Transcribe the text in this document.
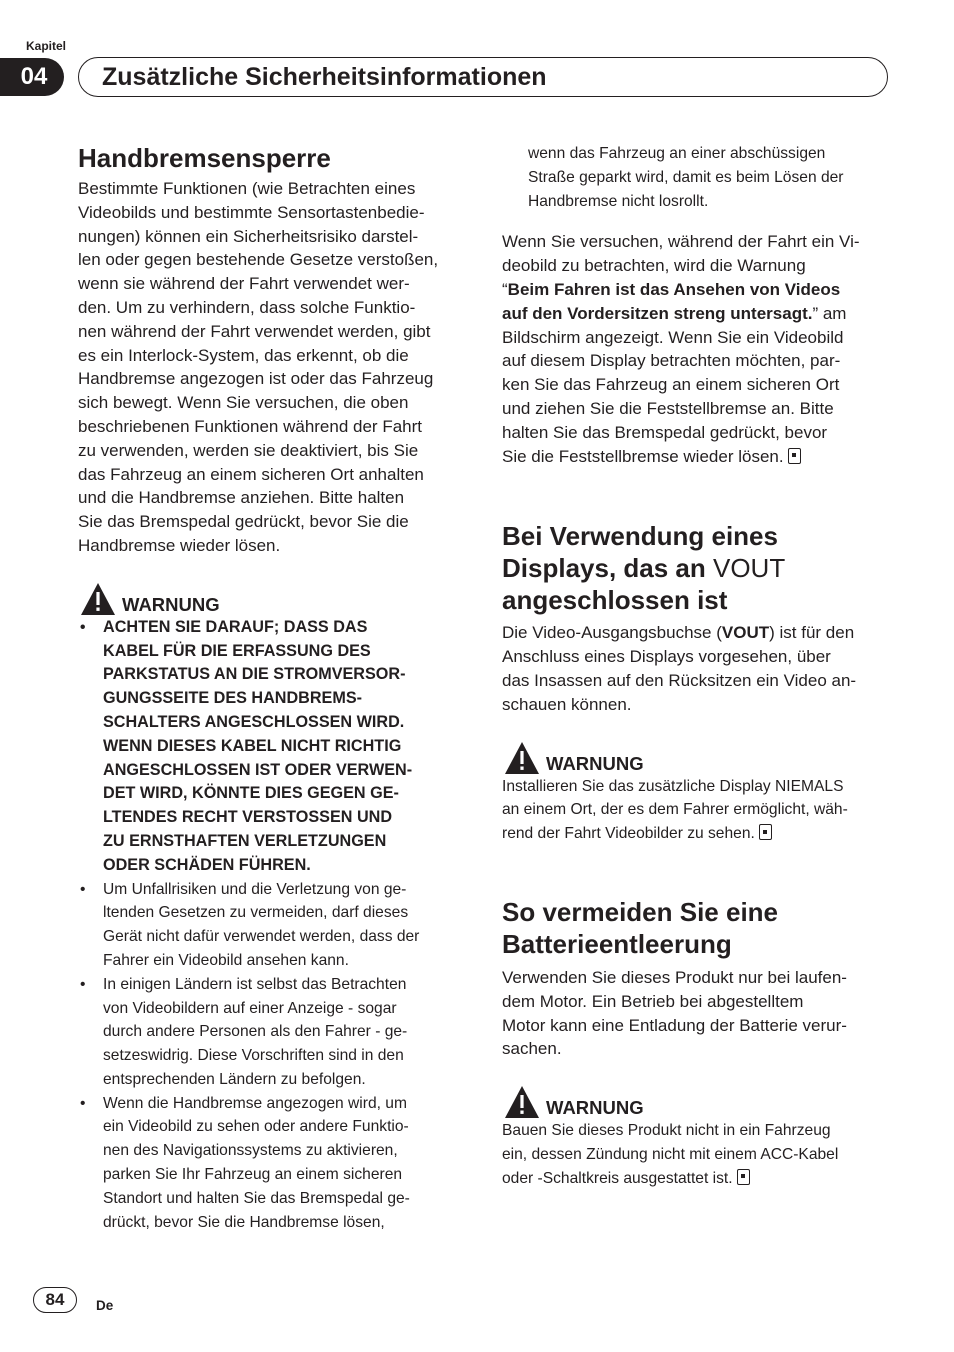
Kapitel
04	Zusätzliche Sicherheitsinformationen
Handbremsensperre

Bestimmte Funktionen (wie Betrachten eines
Videobilds und bestimmte Sensortastenbedie-
nungen) können ein Sicherheitsrisiko darstel-
len oder gegen bestehende Gesetze verstoßen,
wenn sie während der Fahrt verwendet wer-
den. Um zu verhindern, dass solche Funktio-
nen während der Fahrt verwendet werden, gibt
es ein Interlock-System, das erkennt, ob die
Handbremse angezogen ist oder das Fahrzeug
sich bewegt. Wenn Sie versuchen, die oben
beschriebenen Funktionen während der Fahrt
zu verwenden, werden sie deaktiviert, bis Sie
das Fahrzeug an einem sicheren Ort anhalten
und die Handbremse anziehen. Bitte halten
Sie das Bremspedal gedrückt, bevor Sie die
Handbremse wieder lösen.

WARNUNG
• ACHTEN SIE DARAUF; DASS DAS
KABEL FÜR DIE ERFASSUNG DES
PARKSTATUS AN DIE STROMVERSOR-
GUNGSSEITE DES HANDBREMS-
SCHALTERS ANGESCHLOSSEN WIRD.
WENN DIESES KABEL NICHT RICHTIG
ANGESCHLOSSEN IST ODER VERWEN-
DET WIRD, KÖNNTE DIES GEGEN GE-
LTENDES RECHT VERSTOSSEN UND
ZU ERNSTHAFTEN VERLETZUNGEN
ODER SCHÄDEN FÜHREN.
• Um Unfallrisiken und die Verletzung von ge-
ltenden Gesetzen zu vermeiden, darf dieses
Gerät nicht dafür verwendet werden, dass der
Fahrer ein Videobild ansehen kann.
• In einigen Ländern ist selbst das Betrachten
von Videobildern auf einer Anzeige - sogar
durch andere Personen als den Fahrer - ge-
setzeswidrig. Diese Vorschriften sind in den
entsprechenden Ländern zu befolgen.
• Wenn die Handbremse angezogen wird, um
ein Videobild zu sehen oder andere Funktio-
nen des Navigationssystems zu aktivieren,
parken Sie Ihr Fahrzeug an einem sicheren
Standort und halten Sie das Bremspedal ge-
drückt, bevor Sie die Handbremse lösen,
wenn das Fahrzeug an einer abschüssigen
Straße geparkt wird, damit es beim Lösen der
Handbremse nicht losrollt.

Wenn Sie versuchen, während der Fahrt ein Vi-
deobild zu betrachten, wird die Warnung
“Beim Fahren ist das Ansehen von Videos
auf den Vordersitzen streng untersagt.” am
Bildschirm angezeigt. Wenn Sie ein Videobild
auf diesem Display betrachten möchten, par-
ken Sie das Fahrzeug an einem sicheren Ort
und ziehen Sie die Feststellbremse an. Bitte
halten Sie das Bremspedal gedrückt, bevor
Sie die Feststellbremse wieder lösen.

Bei Verwendung eines
Displays, das an VOUT
angeschlossen ist

Die Video-Ausgangsbuchse (VOUT) ist für den
Anschluss eines Displays vorgesehen, über
das Insassen auf den Rücksitzen ein Video an-
schauen können.

WARNUNG

Installieren Sie das zusätzliche Display NIEMALS
an einem Ort, der es dem Fahrer ermöglicht, wäh-
rend der Fahrt Videobilder zu sehen.

So vermeiden Sie eine
Batterieentleerung

Verwenden Sie dieses Produkt nur bei laufen-
dem Motor. Ein Betrieb bei abgestelltem
Motor kann eine Entladung der Batterie verur-
sachen.

WARNUNG

Bauen Sie dieses Produkt nicht in ein Fahrzeug
ein, dessen Zündung nicht mit einem ACC-Kabel
oder -Schaltkreis ausgestattet ist.

84	De
